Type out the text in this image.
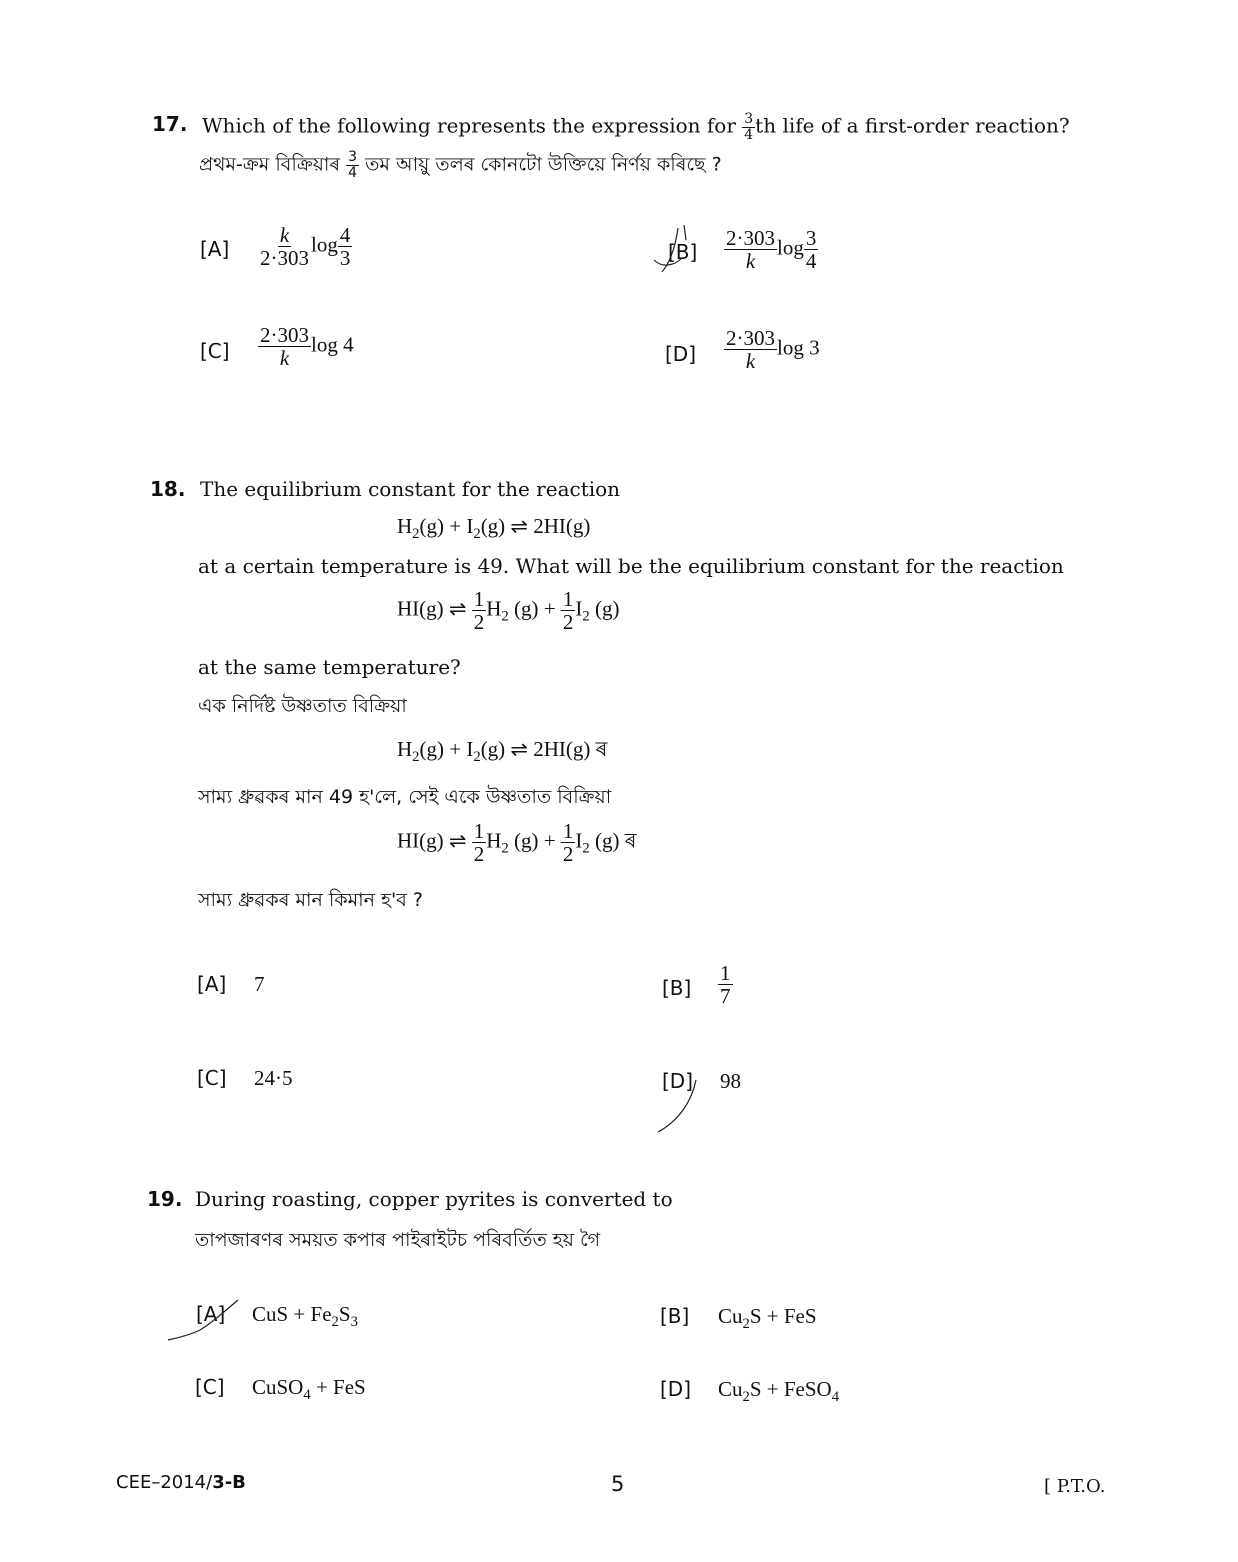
17. Which of the following represents the expression for $\frac{3}{4}$ th life of a first-order reaction?
প্ৰথম-ক্ৰম বিক্ৰিয়াৰ $\frac{3}{4}$ তম আয়ু তলৰ কোনটো উক্তিয়ে নিৰ্ণয় কৰিছে ?
$[A] \frac{k}{2\cdot 303}$ $\log \frac{4}{3}$	$[B] \frac{2\cdot 303}{k}$ $\log \frac{3}{4}$
$[C] \frac{2\cdot 303}{k}$ log 4	$[D] \frac{2\cdot 303}{k}$ log 3
18. The equilibrium constant for the reaction
$H_2(g) + I_2(g)$ ⇌ 2HI(g)
at a certain temperature is 49. What will be the equilibrium constant for the reaction
HI(g) ⇌ $\frac{1}{2} H_2$ $(g) + \frac{1}{2} I_2$ (g)
at the same temperature?
এক নিৰ্দিষ্ট উষ্ণতাত বিক্ৰিয়া
$H_2(g) + I_2(g)$ ⇌ 2HI(g) ৰ
সাম্য ধ্ৰুৱকৰ মান 49 হ'লে, সেই একে উষ্ণতাত বিক্ৰিয়া
HI(g) ⇌ $\frac{1}{2} H_2$ $(g) + \frac{1}{2} I_2$ (g) ৰ
সাম্য ধ্ৰুৱকৰ মান কিমান হ'ব ?
[A] 7	$[B] \frac{1}{7}$
[C] 24·5	[D] 98
19. During roasting, copper pyrites is converted to
তাপজাৰণৰ সময়ত কপাৰ পাইৰাইটচ পৰিবৰ্তিত হয় গৈ
[A] CuS + $Fe_2S_3$	[B] $Cu_2S$ + FeS
[C] CuSO$_4$ + FeS	[D] $Cu_2S$ + FeSO$_4$
CEE–2014/3-B	5	[ P.T.O.
